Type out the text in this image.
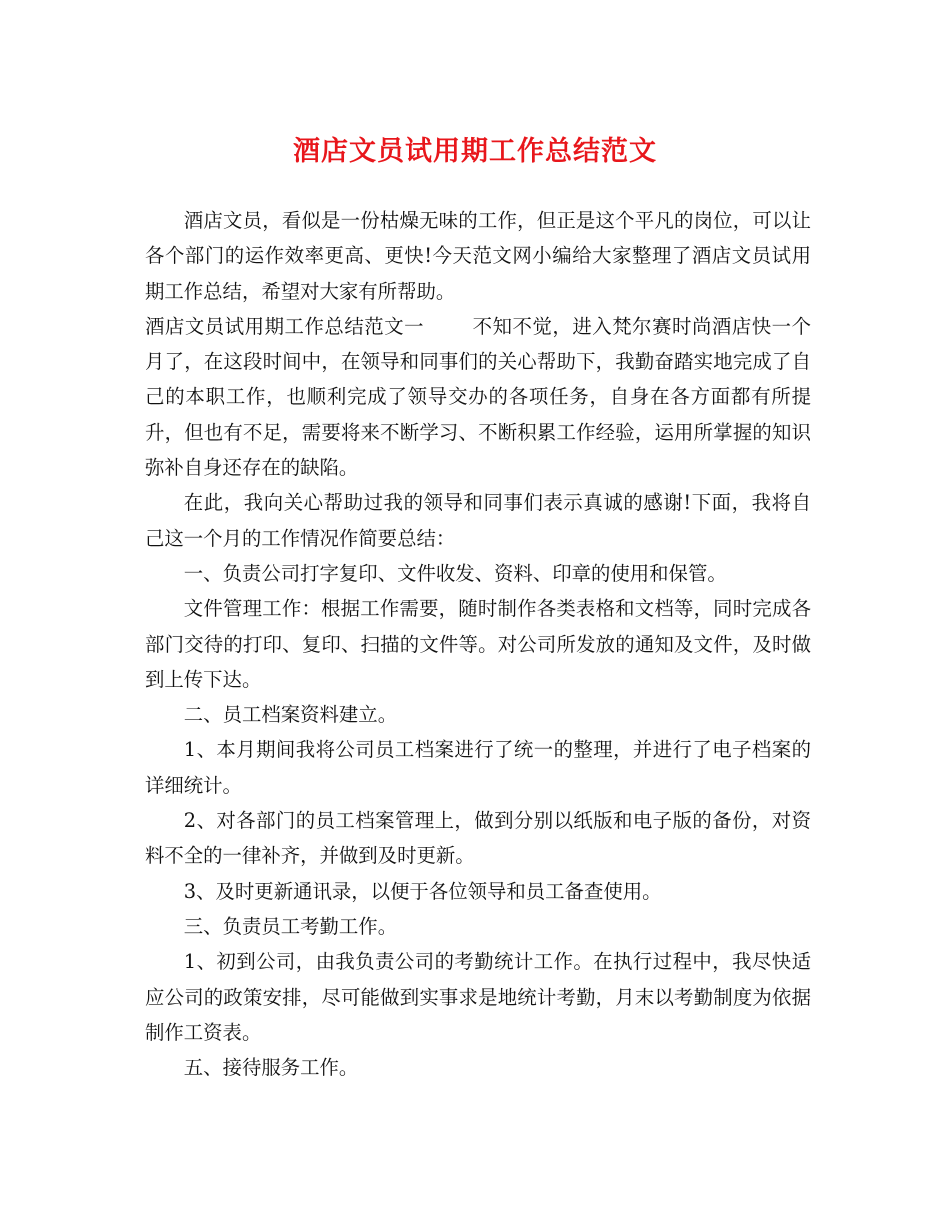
酒店文员试用期工作总结范文

酒店文员，看似是一份枯燥无味的工作，但正是这个平凡的岗位，可以让各个部门的运作效率更高、更快!今天范文网小编给大家整理了酒店文员试用期工作总结，希望对大家有所帮助。

酒店文员试用期工作总结范文一 不知不觉，进入梵尔赛时尚酒店快一个月了，在这段时间中，在领导和同事们的关心帮助下，我勤奋踏实地完成了自己的本职工作，也顺利完成了领导交办的各项任务，自身在各方面都有所提升，但也有不足，需要将来不断学习、不断积累工作经验，运用所掌握的知识弥补自身还存在的缺陷。

在此，我向关心帮助过我的领导和同事们表示真诚的感谢!下面，我将自己这一个月的工作情况作简要总结：

一、负责公司打字复印、文件收发、资料、印章的使用和保管。

文件管理工作：根据工作需要，随时制作各类表格和文档等，同时完成各部门交待的打印、复印、扫描的文件等。对公司所发放的通知及文件，及时做到上传下达。

二、员工档案资料建立。

1、本月期间我将公司员工档案进行了统一的整理，并进行了电子档案的详细统计。

2、对各部门的员工档案管理上，做到分别以纸版和电子版的备份，对资料不全的一律补齐，并做到及时更新。

3、及时更新通讯录，以便于各位领导和员工备查使用。

三、负责员工考勤工作。

1、初到公司，由我负责公司的考勤统计工作。在执行过程中，我尽快适应公司的政策安排，尽可能做到实事求是地统计考勤，月末以考勤制度为依据制作工资表。

五、接待服务工作。
